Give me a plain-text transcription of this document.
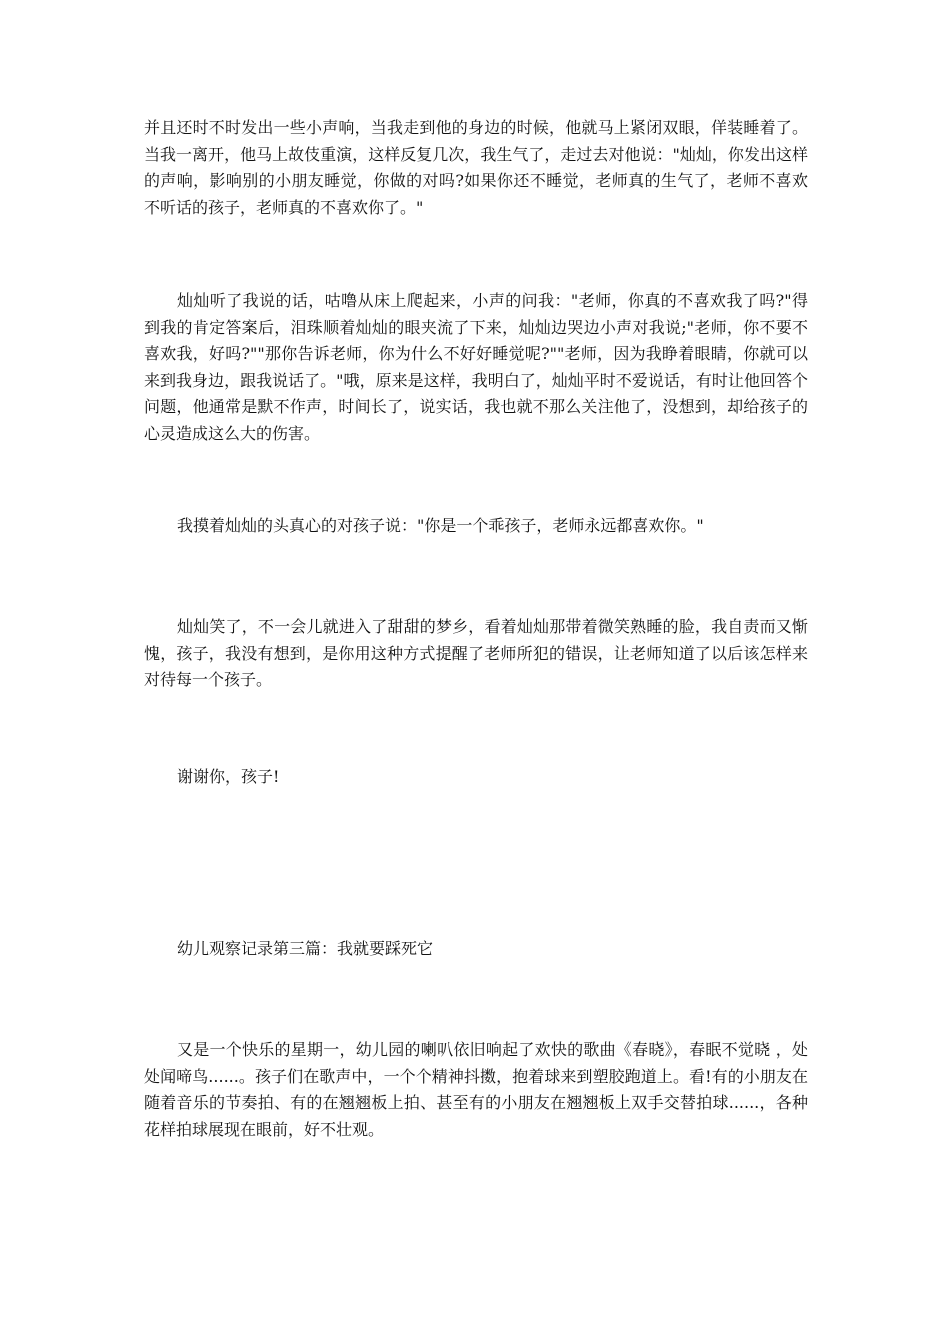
并且还时不时发出一些小声响，当我走到他的身边的时候，他就马上紧闭双眼，佯装睡着了。当我一离开，他马上故伎重演，这样反复几次，我生气了，走过去对他说："灿灿，你发出这样的声响，影响别的小朋友睡觉，你做的对吗?如果你还不睡觉，老师真的生气了，老师不喜欢不听话的孩子，老师真的不喜欢你了。"

灿灿听了我说的话，咕噜从床上爬起来，小声的问我："老师，你真的不喜欢我了吗?"得到我的肯定答案后，泪珠顺着灿灿的眼夹流了下来，灿灿边哭边小声对我说;"老师，你不要不喜欢我，好吗?""那你告诉老师，你为什么不好好睡觉呢?""老师，因为我睁着眼睛，你就可以来到我身边，跟我说话了。"哦，原来是这样，我明白了，灿灿平时不爱说话，有时让他回答个问题，他通常是默不作声，时间长了，说实话，我也就不那么关注他了，没想到，却给孩子的心灵造成这么大的伤害。

我摸着灿灿的头真心的对孩子说："你是一个乖孩子，老师永远都喜欢你。"

灿灿笑了，不一会儿就进入了甜甜的梦乡，看着灿灿那带着微笑熟睡的脸，我自责而又惭愧，孩子，我没有想到，是你用这种方式提醒了老师所犯的错误，让老师知道了以后该怎样来对待每一个孩子。

谢谢你，孩子!

幼儿观察记录第三篇：我就要踩死它

又是一个快乐的星期一，幼儿园的喇叭依旧响起了欢快的歌曲《春晓》，春眠不觉晓 ，处处闻啼鸟......。孩子们在歌声中，一个个精神抖擞，抱着球来到塑胶跑道上。看!有的小朋友在随着音乐的节奏拍、有的在翘翘板上拍、甚至有的小朋友在翘翘板上双手交替拍球......，各种花样拍球展现在眼前，好不壮观。
